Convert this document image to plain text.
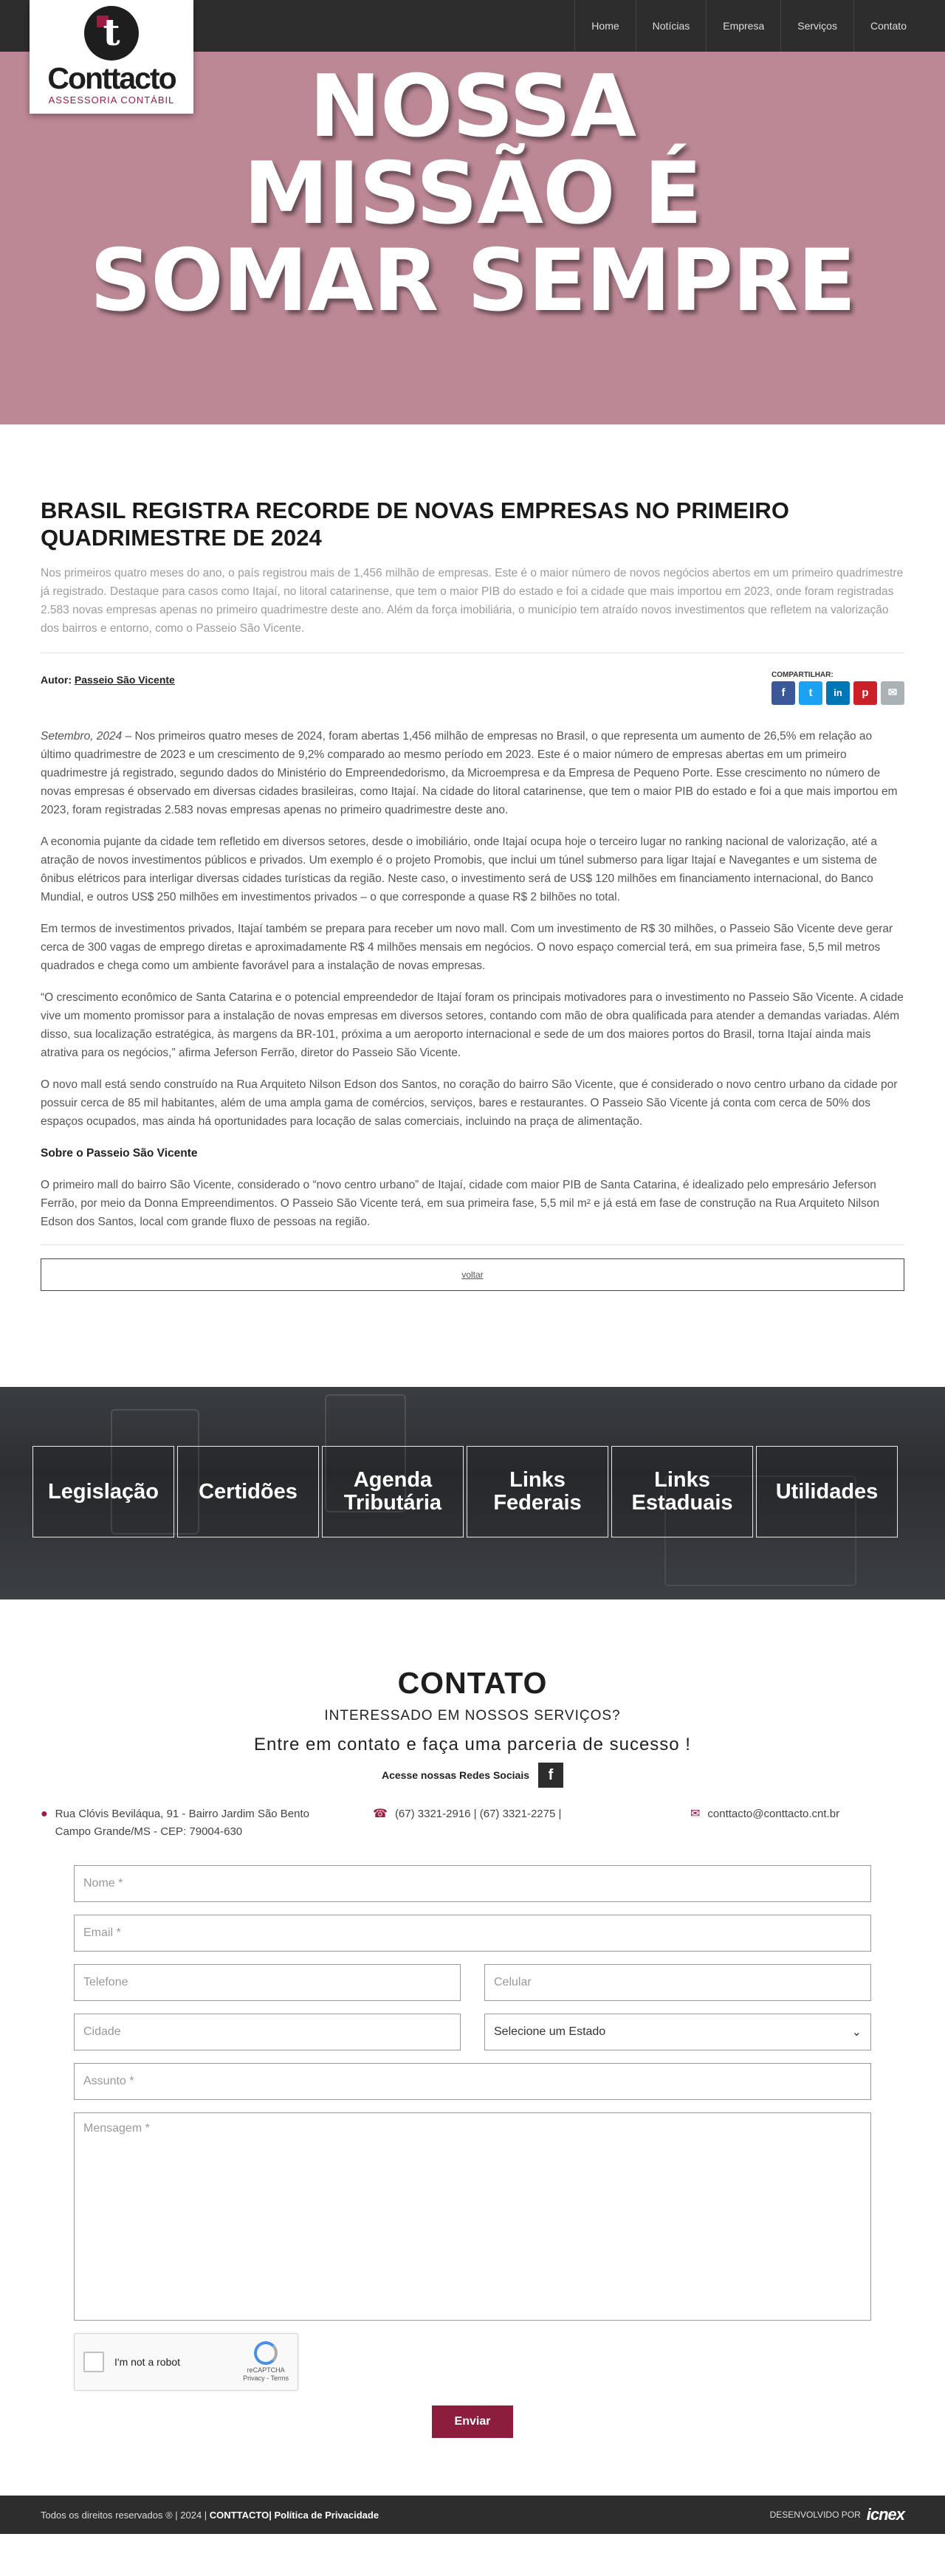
t
Conttacto
ASSESSORIA CONTÁBIL
Home	Notícias	Empresa	Serviços	Contato
NOSSA
MISSÃO É
SOMAR SEMPRE
BRASIL REGISTRA RECORDE DE NOVAS EMPRESAS NO PRIMEIRO QUADRIMESTRE DE 2024

Nos primeiros quatro meses do ano, o país registrou mais de 1,456 milhão de empresas. Este é o maior número de novos negócios abertos em um primeiro quadrimestre já registrado. Destaque para casos como Itajaí, no litoral catarinense, que tem o maior PIB do estado e foi a cidade que mais importou em 2023, onde foram registradas 2.583 novas empresas apenas no primeiro quadrimestre deste ano. Além da força imobiliária, o município tem atraído novos investimentos que refletem na valorização dos bairros e entorno, como o Passeio São Vicente.

Autor: Passeio São Vicente	COMPARTILHAR:
f	t	in	p	✉

Setembro, 2024 – Nos primeiros quatro meses de 2024, foram abertas 1,456 milhão de empresas no Brasil, o que representa um aumento de 26,5% em relação ao último quadrimestre de 2023 e um crescimento de 9,2% comparado ao mesmo período em 2023. Este é o maior número de empresas abertas em um primeiro quadrimestre já registrado, segundo dados do Ministério do Empreendedorismo, da Microempresa e da Empresa de Pequeno Porte. Esse crescimento no número de novas empresas é observado em diversas cidades brasileiras, como Itajaí. Na cidade do litoral catarinense, que tem o maior PIB do estado e foi a que mais importou em 2023, foram registradas 2.583 novas empresas apenas no primeiro quadrimestre deste ano.

A economia pujante da cidade tem refletido em diversos setores, desde o imobiliário, onde Itajaí ocupa hoje o terceiro lugar no ranking nacional de valorização, até a atração de novos investimentos públicos e privados. Um exemplo é o projeto Promobis, que inclui um túnel submerso para ligar Itajaí e Navegantes e um sistema de ônibus elétricos para interligar diversas cidades turísticas da região. Neste caso, o investimento será de US$ 120 milhões em financiamento internacional, do Banco Mundial, e outros US$ 250 milhões em investimentos privados – o que corresponde a quase R$ 2 bilhões no total.

Em termos de investimentos privados, Itajaí também se prepara para receber um novo mall. Com um investimento de R$ 30 milhões, o Passeio São Vicente deve gerar cerca de 300 vagas de emprego diretas e aproximadamente R$ 4 milhões mensais em negócios. O novo espaço comercial terá, em sua primeira fase, 5,5 mil metros quadrados e chega como um ambiente favorável para a instalação de novas empresas.

“O crescimento econômico de Santa Catarina e o potencial empreendedor de Itajaí foram os principais motivadores para o investimento no Passeio São Vicente. A cidade vive um momento promissor para a instalação de novas empresas em diversos setores, contando com mão de obra qualificada para atender a demandas variadas. Além disso, sua localização estratégica, às margens da BR-101, próxima a um aeroporto internacional e sede de um dos maiores portos do Brasil, torna Itajaí ainda mais atrativa para os negócios,” afirma Jeferson Ferrão, diretor do Passeio São Vicente.

O novo mall está sendo construído na Rua Arquiteto Nilson Edson dos Santos, no coração do bairro São Vicente, que é considerado o novo centro urbano da cidade por possuir cerca de 85 mil habitantes, além de uma ampla gama de comércios, serviços, bares e restaurantes. O Passeio São Vicente já conta com cerca de 50% dos espaços ocupados, mas ainda há oportunidades para locação de salas comerciais, incluindo na praça de alimentação.

Sobre o Passeio São Vicente

O primeiro mall do bairro São Vicente, considerado o “novo centro urbano” de Itajaí, cidade com maior PIB de Santa Catarina, é idealizado pelo empresário Jeferson Ferrão, por meio da Donna Empreendimentos. O Passeio São Vicente terá, em sua primeira fase, 5,5 mil m² e já está em fase de construção na Rua Arquiteto Nilson Edson dos Santos, local com grande fluxo de pessoas na região.

voltar
Legislação Certidões	Agenda
Tributária
Links
Federais
Links
Estaduais Utilidades
CONTATO
INTERESSADO EM NOSSOS SERVIÇOS?
Entre em contato e faça uma parceria de sucesso !
Acesse nossas Redes Sociais	f
● Rua Clóvis Beviláqua, 91 - Bairro Jardim São Bento
Campo Grande/MS - CEP: 79004-630
☎ (67) 3321-2916 | (67) 3321-2275 |	✉ conttacto@conttacto.cnt.br
Nome *
Email *
Telefone	Celular
Cidade	Selecione um Estado	⌄
Assunto *
Mensagem *
I'm not a robot
reCAPTCHA
Privacy - Terms
Enviar
Todos os direitos reservados ® | 2024 | CONTTACTO| Política de Privacidade	DESENVOLVIDO POR icnex
